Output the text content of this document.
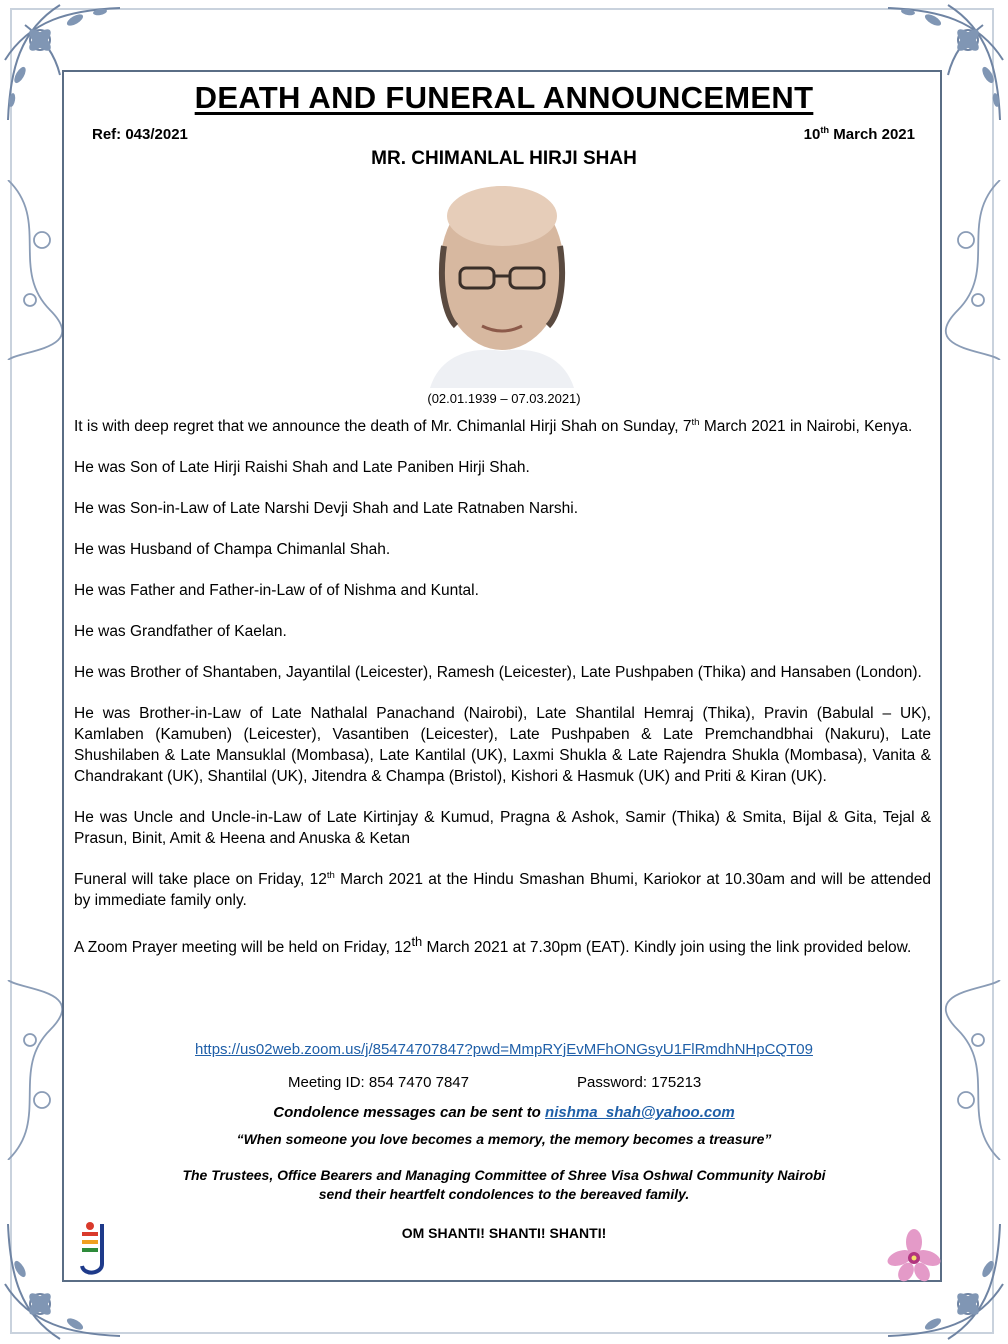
DEATH AND FUNERAL ANNOUNCEMENT
Ref: 043/2021	10th March 2021
MR. CHIMANLAL HIRJI SHAH
(02.01.1939 – 07.03.2021)

It is with deep regret that we announce the death of Mr. Chimanlal Hirji Shah on Sunday, 7th March 2021 in Nairobi, Kenya.

He was Son of Late Hirji Raishi Shah and Late Paniben Hirji Shah.

He was Son-in-Law of Late Narshi Devji Shah and Late Ratnaben Narshi.

He was Husband of Champa Chimanlal Shah.

He was Father and Father-in-Law of of Nishma and Kuntal.

He was Grandfather of Kaelan.

He was Brother of Shantaben, Jayantilal (Leicester), Ramesh (Leicester), Late Pushpaben (Thika) and Hansaben (London).

He was Brother-in-Law of Late Nathalal Panachand (Nairobi), Late Shantilal Hemraj (Thika), Pravin (Babulal – UK), Kamlaben (Kamuben) (Leicester), Vasantiben (Leicester), Late Pushpaben & Late Premchandbhai (Nakuru), Late Shushilaben & Late Mansuklal (Mombasa), Late Kantilal (UK), Laxmi Shukla & Late Rajendra Shukla (Mombasa), Vanita & Chandrakant (UK), Shantilal (UK), Jitendra & Champa (Bristol), Kishori & Hasmuk (UK) and Priti & Kiran (UK).

He was Uncle and Uncle-in-Law of Late Kirtinjay & Kumud, Pragna & Ashok, Samir (Thika) & Smita, Bijal & Gita, Tejal & Prasun, Binit, Amit & Heena and Anuska & Ketan

Funeral will take place on Friday, 12th March 2021 at the Hindu Smashan Bhumi, Kariokor at 10.30am and will be attended by immediate family only.

A Zoom Prayer meeting will be held on Friday, 12th March 2021 at 7.30pm (EAT). Kindly join using the link provided below.

https://us02web.zoom.us/j/85474707847?pwd=MmpRYjEvMFhONGsyU1FlRmdhNHpCQT09
Meeting ID: 854 7470 7847	Password: 175213
Condolence messages can be sent to nishma_shah@yahoo.com
“When someone you love becomes a memory, the memory becomes a treasure”
The Trustees, Office Bearers and Managing Committee of Shree Visa Oshwal Community Nairobi
send their heartfelt condolences to the bereaved family.
OM SHANTI! SHANTI! SHANTI!
